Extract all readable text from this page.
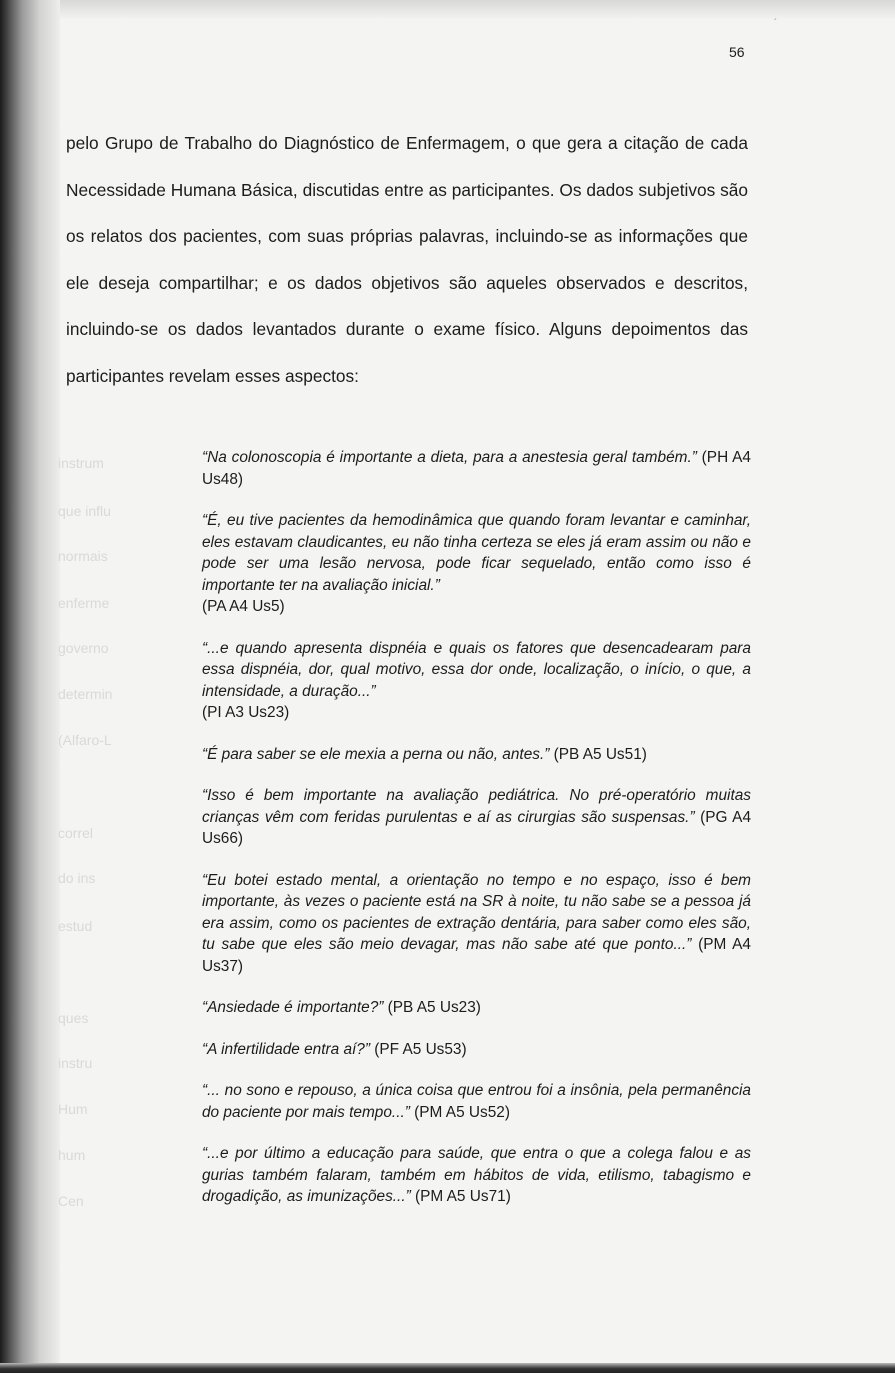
instrum
que influ
normais
enferme
governo
determin
(Alfaro-L
correl
do ins
estud
ques
instru
Hum
hum
Cen
´
56

pelo Grupo de Trabalho do Diagnóstico de Enfermagem, o que gera a citação de cada Necessidade Humana Básica, discutidas entre as participantes. Os dados subjetivos são os relatos dos pacientes, com suas próprias palavras, incluindo-se as informações que ele deseja compartilhar; e os dados objetivos são aqueles observados e descritos, incluindo-se os dados levantados durante o exame físico. Alguns depoimentos das participantes revelam esses aspectos:

“Na colonoscopia é importante a dieta, para a anestesia geral também.” (PH A4 Us48)

“É, eu tive pacientes da hemodinâmica que quando foram levantar e caminhar, eles estavam claudicantes, eu não tinha certeza se eles já eram assim ou não e pode ser uma lesão nervosa, pode ficar sequelado, então como isso é importante ter na avaliação inicial.”
(PA A4 Us5)

“...e quando apresenta dispnéia e quais os fatores que desencadearam para essa dispnéia, dor, qual motivo, essa dor onde, localização, o início, o que, a intensidade, a duração...”
(PI A3 Us23)

“É para saber se ele mexia a perna ou não, antes.” (PB A5 Us51)

“Isso é bem importante na avaliação pediátrica. No pré-operatório muitas crianças vêm com feridas purulentas e aí as cirurgias são suspensas.” (PG A4 Us66)

“Eu botei estado mental, a orientação no tempo e no espaço, isso é bem importante, às vezes o paciente está na SR à noite, tu não sabe se a pessoa já era assim, como os pacientes de extração dentária, para saber como eles são, tu sabe que eles são meio devagar, mas não sabe até que ponto...” (PM A4 Us37)

“Ansiedade é importante?” (PB A5 Us23)

“A infertilidade entra aí?” (PF A5 Us53)

“... no sono e repouso, a única coisa que entrou foi a insônia, pela permanência do paciente por mais tempo...” (PM A5 Us52)

“...e por último a educação para saúde, que entra o que a colega falou e as gurias também falaram, também em hábitos de vida, etilismo, tabagismo e drogadição, as imunizações...” (PM A5 Us71)
